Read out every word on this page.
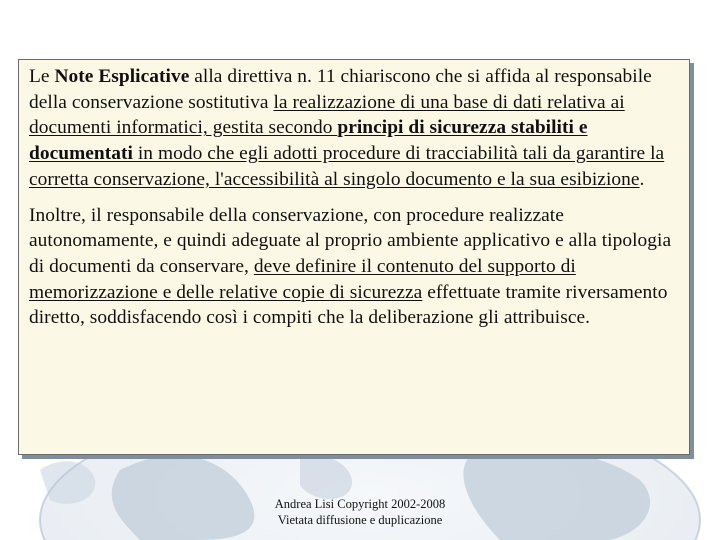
Le Note Esplicative alla direttiva n. 11 chiariscono che si affida al responsabile della conservazione sostitutiva la realizzazione di una base di dati relativa ai documenti informatici, gestita secondo principi di sicurezza stabiliti e documentati in modo che egli adotti procedure di tracciabilità tali da garantire la corretta conservazione, l'accessibilità al singolo documento e la sua esibizione.

Inoltre, il responsabile della conservazione, con procedure realizzate autonomamente, e quindi adeguate al proprio ambiente applicativo e alla tipologia di documenti da conservare, deve definire il contenuto del supporto di memorizzazione e delle relative copie di sicurezza effettuate tramite riversamento diretto, soddisfacendo così i compiti che la deliberazione gli attribuisce.

Andrea Lisi Copyright 2002-2008
Vietata diffusione e duplicazione
